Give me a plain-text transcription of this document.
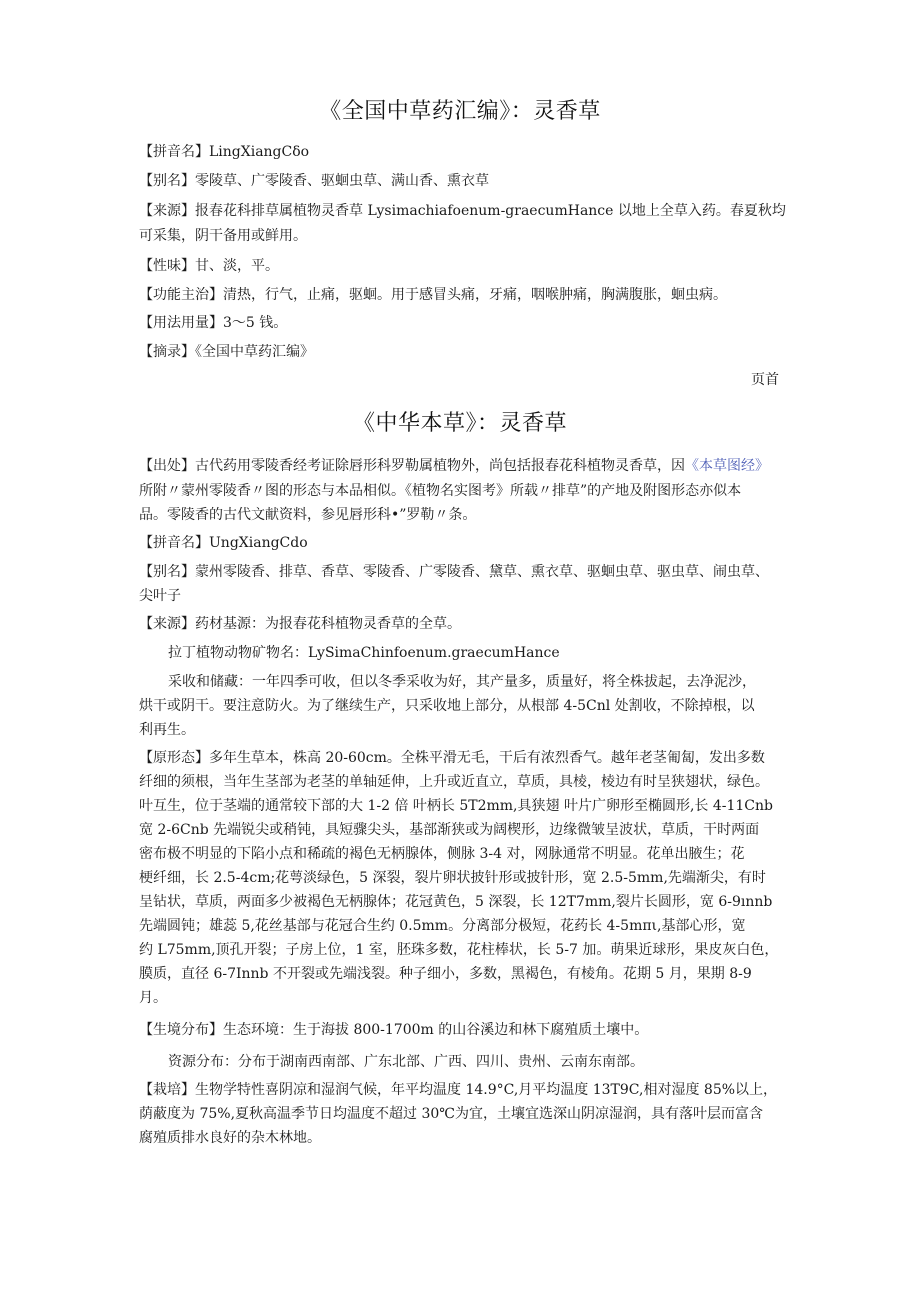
《全国中草药汇编》：灵香草
【拼音名】LingXiangCδo
【别名】零陵草、广零陵香、驱蛔虫草、满山香、熏衣草
【来源】报春花科排草属植物灵香草 Lysimachiafoenum-graecumHance 以地上全草入药。春夏秋均
可采集，阴干备用或鲜用。
【性味】甘、淡，平。
【功能主治】清热，行气，止痛，驱蛔。用于感冒头痛，牙痛，咽喉肿痛，胸满腹胀，蛔虫病。
【用法用量】3～5 钱。
【摘录】《全国中草药汇编》
页首
《中华本草》：灵香草
【出处】古代药用零陵香经考证除唇形科罗勒属植物外，尚包括报春花科植物灵香草，因《本草图经》
所附〃蒙州零陵香〃图的形态与本品相似。《植物名实图考》所载〃排草”的产地及附图形态亦似本
品。零陵香的古代文献资料，参见唇形科•”罗勒〃条。
【拼音名】UngXiangCdo
【别名】蒙州零陵香、排草、香草、零陵香、广零陵香、黛草、熏衣草、驱蛔虫草、驱虫草、闹虫草、
尖叶子
【来源】药材基源：为报春花科植物灵香草的全草。
拉丁植物动物矿物名：LySimaChinfoenum.graecumHance
采收和储藏：一年四季可收，但以冬季采收为好，其产量多，质量好，将全株拔起，去净泥沙，
烘干或阴干。要注意防火。为了继续生产，只采收地上部分，从根部 4-5Cnl 处割收，不除掉根，以
利再生。
【原形态】多年生草本，株高 20-60cm。全株平滑无毛，干后有浓烈香气。越年老茎匍匐，发出多数
纤细的须根，当年生茎部为老茎的单轴延伸，上升或近直立，草质，具棱，棱边有时呈狭翅状，绿色。
叶互生，位于茎端的通常较下部的大 1-2 倍 叶柄长 5T2mm,具狭翅 叶片广卵形至椭圆形,长 4-11Cnb
宽 2-6Cnb 先端锐尖或稍钝，具短骤尖头，基部渐狭或为阔楔形，边缘微皱呈波状，草质，干时两面
密布极不明显的下陷小点和稀疏的褐色无柄腺体，侧脉 3-4 对，网脉通常不明显。花单出腋生；花
梗纤细，长 2.5-4cm;花萼淡绿色，5 深裂，裂片卵状披针形或披针形，宽 2.5-5mm,先端渐尖，有时
呈钻状，草质，两面多少被褐色无柄腺体；花冠黄色，5 深裂，长 12T7mm,裂片长圆形，宽 6-9ınnb
先端圆钝；雄蕊 5,花丝基部与花冠合生约 0.5mm。分离部分极短，花药长 4-5mπι,基部心形，宽
约 L75mm,顶孔开裂；子房上位，1 室，胚珠多数，花柱棒状，长 5-7 加。萌果近球形，果皮灰白色，
膜质，直径 6-7Innb 不开裂或先端浅裂。种子细小，多数，黑褐色，有棱角。花期 5 月，果期 8-9
月。
【生境分布】生态环境：生于海拔 800-1700m 的山谷溪边和林下腐殖质土壤中。
资源分布：分布于湖南西南部、广东北部、广西、四川、贵州、云南东南部。
【栽培】生物学特性喜阴凉和湿润气候，年平均温度 14.9°C,月平均温度 13T9C,相对湿度 85%以上，
荫蔽度为 75%,夏秋高温季节日均温度不超过 30℃为宜，土壤宜选深山阴凉湿润，具有落叶层而富含
腐殖质排水良好的杂木林地。
